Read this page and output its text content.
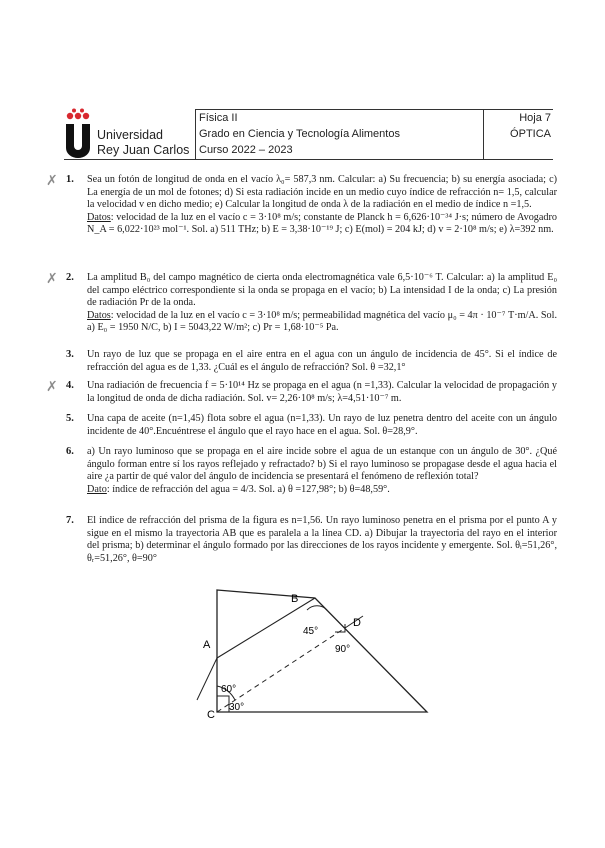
Universidad
Rey Juan Carlos
Física II
Grado en Ciencia y Tecnología Alimentos
Curso 2022 – 2023
Hoja 7
ÓPTICA
✗ 1. Sea un fotón de longitud de onda en el vacío λ₀= 587,3 nm. Calcular: a) Su frecuencia; b) su energía asociada; c) La energía de un mol de fotones; d) Si esta radiación incide en un medio cuyo índice de refracción n= 1,5, calcular la velocidad v en dicho medio; e) Calcular la longitud de onda λ de la radiación en el medio de índice n =1,5.
Datos: velocidad de la luz en el vacío c = 3·10⁸ m/s; constante de Planck h = 6,626·10⁻³⁴ J·s; número de Avogadro N_A = 6,022·10²³ mol⁻¹. Sol. a) 511 THz; b) E = 3,38·10⁻¹⁹ J; c) E(mol) = 204 kJ; d) v = 2·10⁸ m/s; e) λ=392 nm.
✗ 2. La amplitud B₀ del campo magnético de cierta onda electromagnética vale 6,5·10⁻⁶ T. Calcular: a) la amplitud E₀ del campo eléctrico correspondiente si la onda se propaga en el vacío; b) La intensidad I de la onda; c) La presión de radiación Pr de la onda.
Datos: velocidad de la luz en el vacío c = 3·10⁸ m/s; permeabilidad magnética del vacío μ₀ = 4π · 10⁻⁷ T·m/A. Sol. a) E₀ = 1950 N/C, b) I = 5043,22 W/m²; c) Pr = 1,68·10⁻⁵ Pa.
3. Un rayo de luz que se propaga en el aire entra en el agua con un ángulo de incidencia de 45°. Si el índice de refracción del agua es de 1,33. ¿Cuál es el ángulo de refracción? Sol. θ =32,1°
✗ 4. Una radiación de frecuencia f = 5·10¹⁴ Hz se propaga en el agua (n =1,33). Calcular la velocidad de propagación y la longitud de onda de dicha radiación. Sol. v= 2,26·10⁸ m/s; λ=4,51·10⁻⁷ m.
5. Una capa de aceite (n=1,45) flota sobre el agua (n=1,33). Un rayo de luz penetra dentro del aceite con un ángulo incidente de 40°.Encuéntrese el ángulo que el rayo hace en el agua. Sol. θ=28,9°.
6. a) Un rayo luminoso que se propaga en el aire incide sobre el agua de un estanque con un ángulo de 30°. ¿Qué ángulo forman entre sí los rayos reflejado y refractado? b) Si el rayo luminoso se propagase desde el agua hacia el aire ¿a partir de qué valor del ángulo de incidencia se presentará el fenómeno de reflexión total?
Dato: índice de refracción del agua = 4/3. Sol. a) θ =127,98°; b) θ=48,59°.
7. El índice de refracción del prisma de la figura es n=1,56. Un rayo luminoso penetra en el prisma por el punto A y sigue en el mismo la trayectoria AB que es paralela a la línea CD. a) Dibujar la trayectoria del rayo en el interior del prisma; b) determinar el ángulo formado por las direcciones de los rayos incidente y emergente. Sol. θᵢ=51,26°, θᵣ=51,26°, θ=90°
A
B
C
D
45°
90°
60°
30°
